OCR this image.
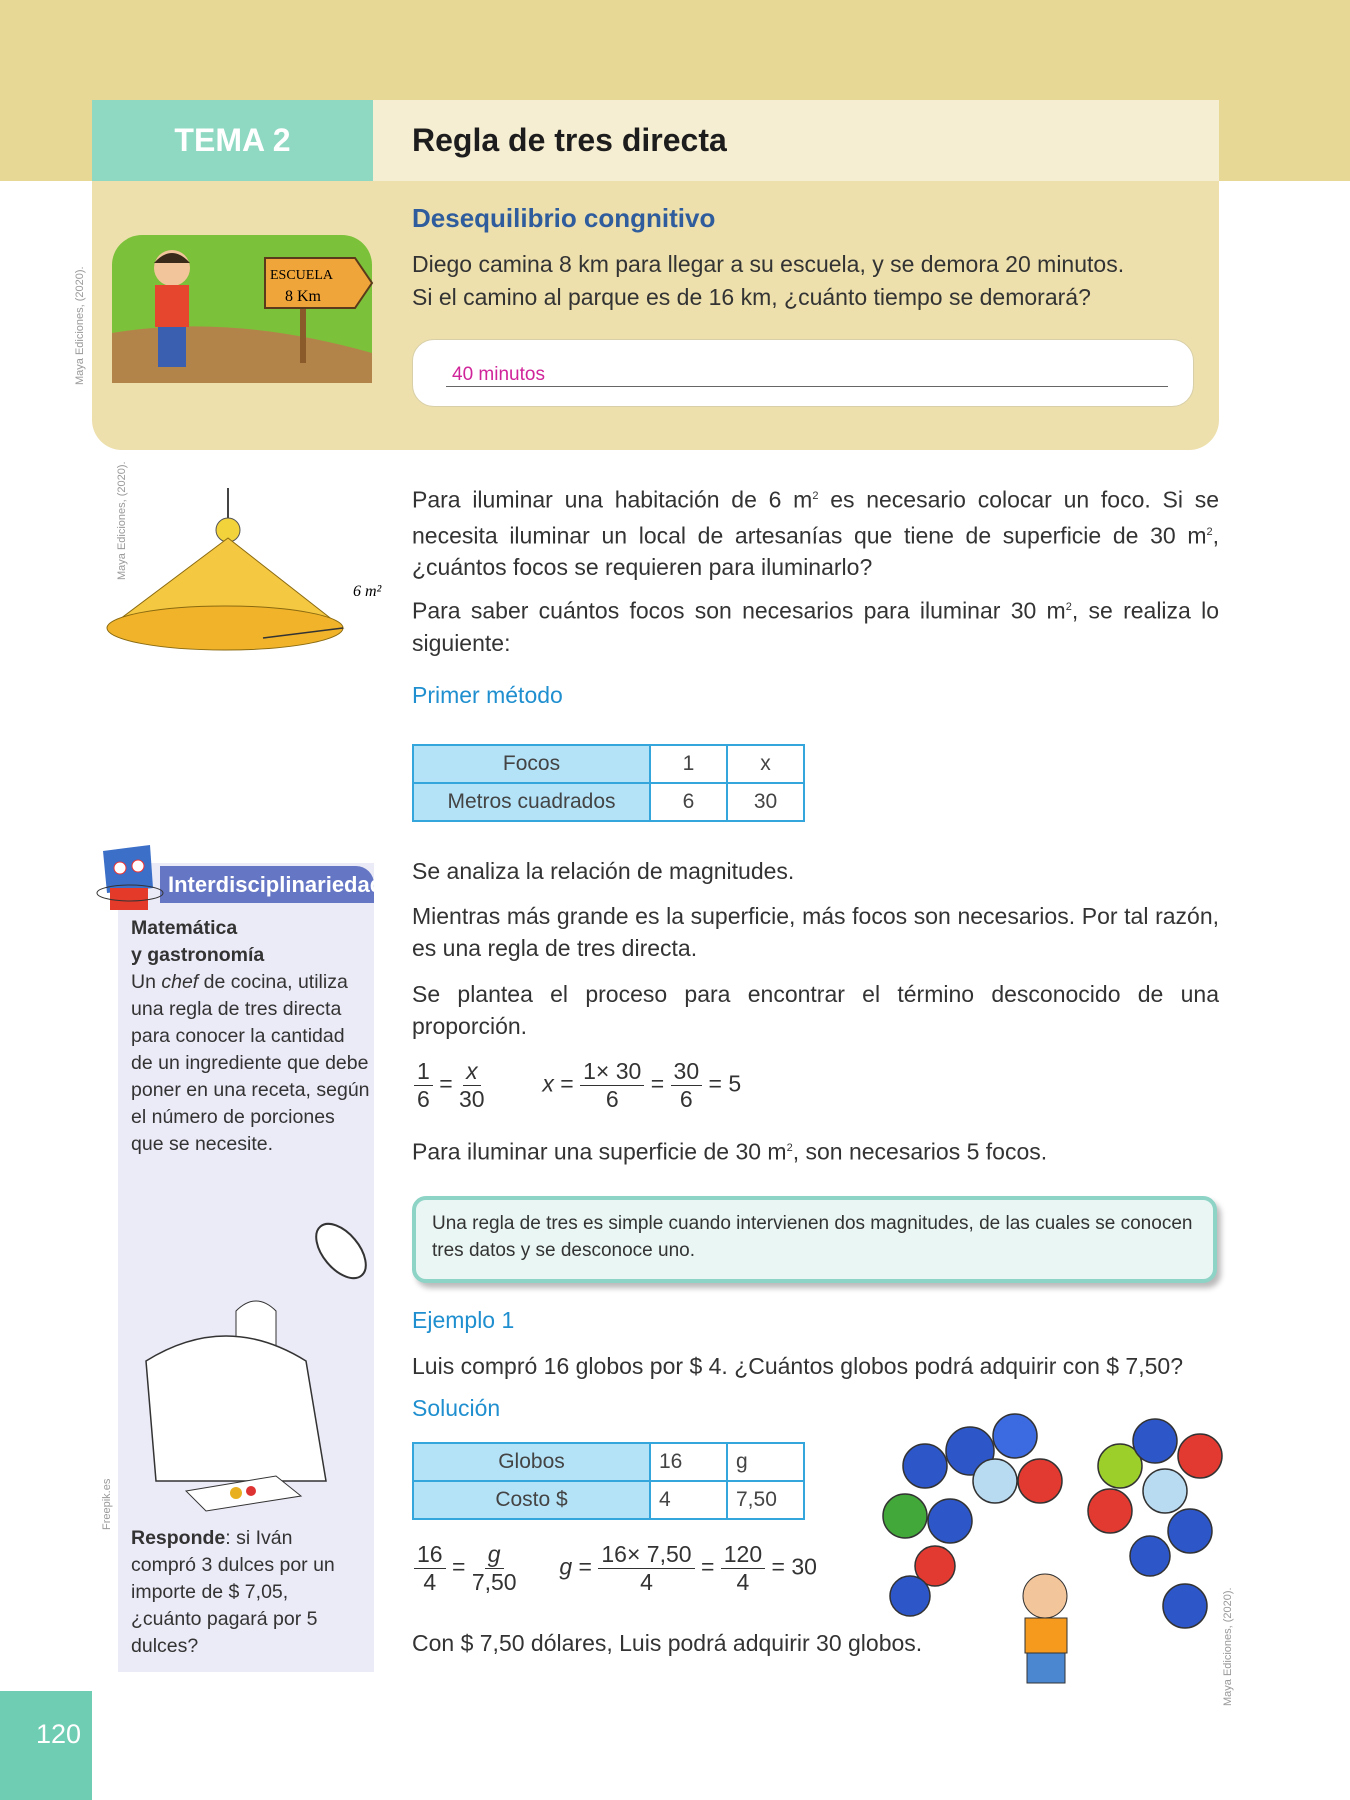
TEMA 2	Regla de tres directa
Maya Ediciones, (2020).	ESCUELA
8 Km
Desequilibrio congnitivo
Diego camina 8 km para llegar a su escuela, y se demora 20 minutos.
Si el camino al parque es de 16 km, ¿cuánto tiempo se demorará?
40 minutos
Maya Ediciones, (2020).
6 m²
Para iluminar una habitación de 6 $m^2$ es necesario colocar un foco. Si se necesita iluminar un local de artesanías que tiene de superficie de 30 $m^2$, ¿cuántos focos se requieren para iluminarlo?
Para saber cuántos focos son necesarios para iluminar 30 $m^2$, se realiza lo siguiente:
Primer método
Focos	1	x
Metros cuadrados	6	30
Se analiza la relación de magnitudes.
Mientras más grande es la superficie, más focos son necesarios. Por tal razón, es una regla de tres directa.
Se plantea el proceso para encontrar el término desconocido de una proporción.
$\frac{1}{6} = \frac{x}{30}$	$x = \frac{1\times 30}{6} = \frac{30}{6} = 5$
Para iluminar una superficie de 30 $m^2$, son necesarios 5 focos.
Una regla de tres es simple cuando intervienen dos magnitudes, de las cuales se conocen tres datos y se desconoce uno.
Ejemplo 1
Luis compró 16 globos por $ 4. ¿Cuántos globos podrá adquirir con $ 7,50?
Solución
Globos	16	g
Costo $	4	7,50
$\frac{16}{4} = \frac{g}{7,50}$ $g = \frac{16\times 7,50}{4} = \frac{120}{4} = 30$
Con $ 7,50 dólares, Luis podrá adquirir 30 globos.	Maya Ediciones, (2020).
Interdisciplinariedad
Matemática
y gastronomía
Un chef de cocina, utiliza una regla de tres directa para conocer la cantidad de un ingrediente que debe poner en una receta, según el número de porciones que se necesite.
Freepik.es
Responde: si Iván compró 3 dulces por un importe de $ 7,05, ¿cuánto pagará por 5 dulces?
120
